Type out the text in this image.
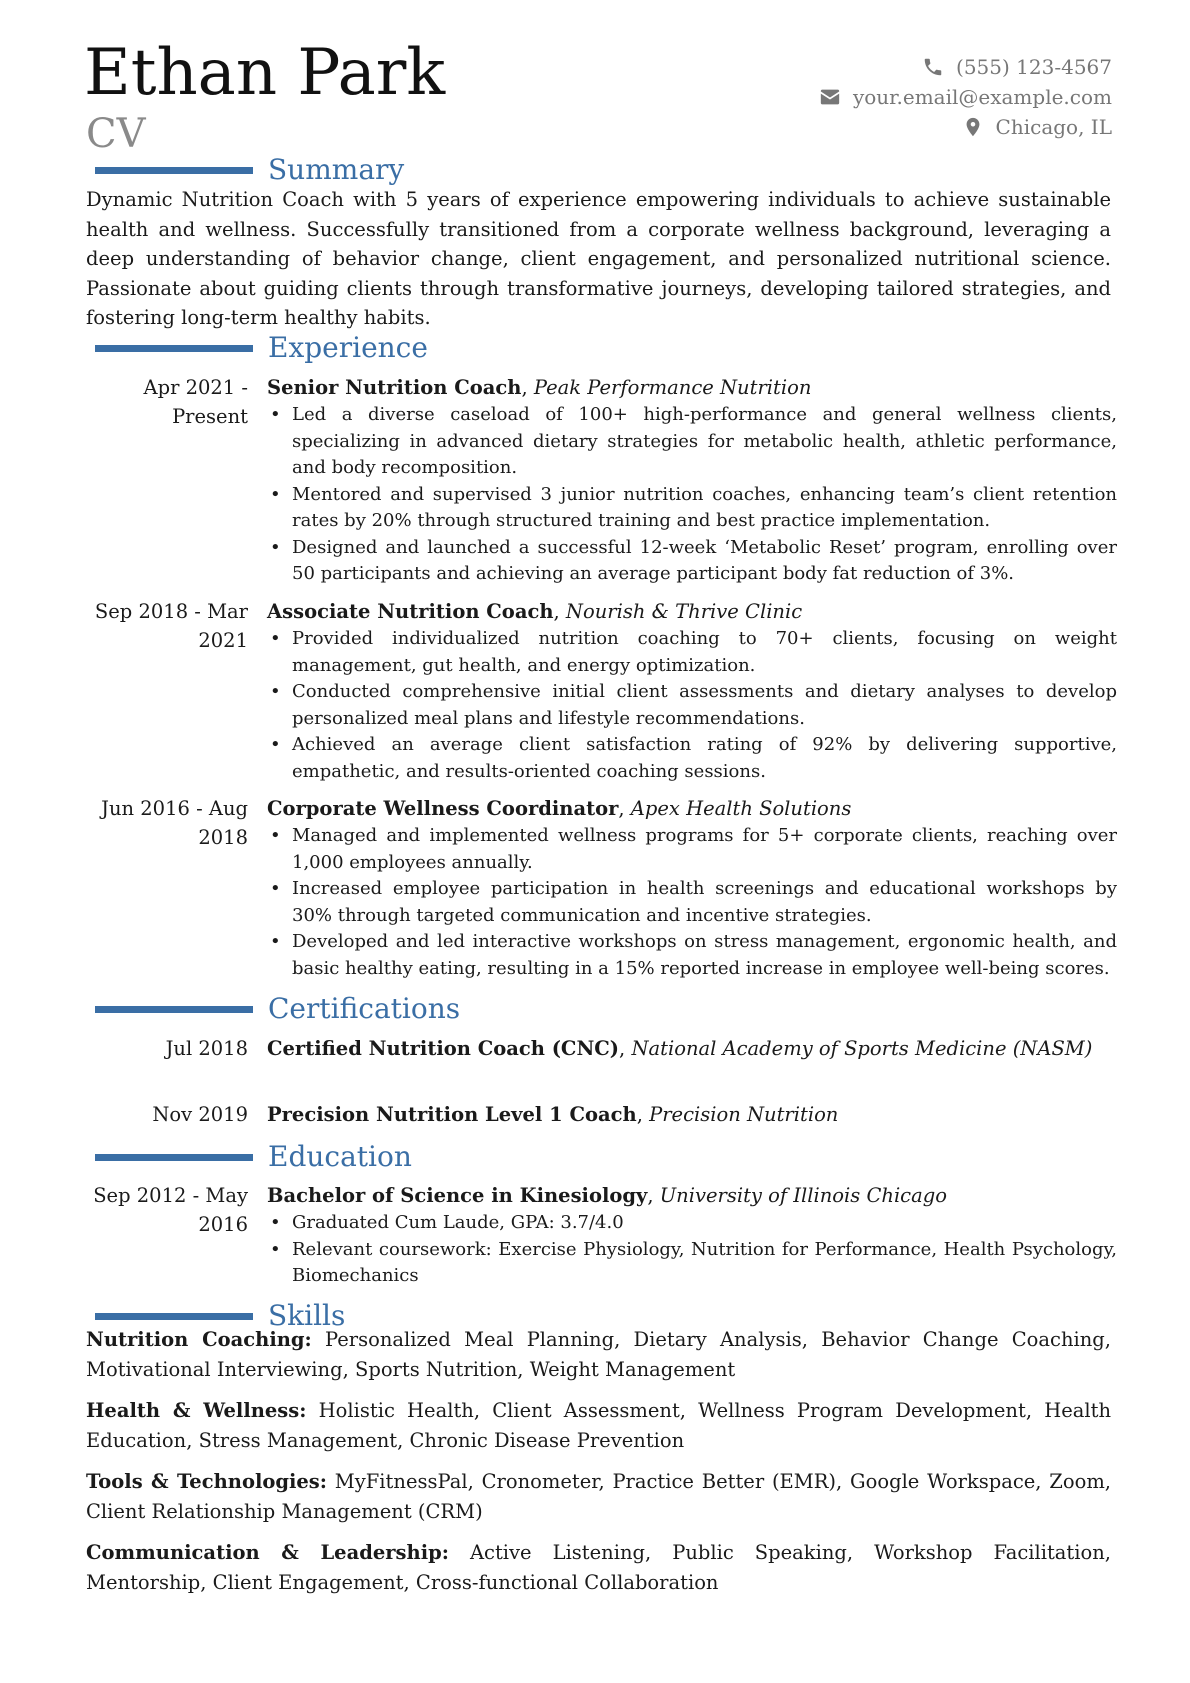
Ethan Park
CV
(555) 123-4567
your.email@example.com
Chicago, IL
Summary
Dynamic Nutrition Coach with 5 years of experience empowering individuals to achieve sustainable health and wellness. Successfully transitioned from a corporate wellness background, leveraging a deep understanding of behavior change, client engagement, and personalized nutritional science. Passionate about guiding clients through transformative journeys, developing tailored strategies, and fostering long-term healthy habits.
Experience
Apr 2021 - Present
Senior Nutrition Coach, Peak Performance Nutrition
• Led a diverse caseload of 100+ high-performance and general wellness clients, specializing in advanced dietary strategies for metabolic health, athletic performance, and body recomposition.
• Mentored and supervised 3 junior nutrition coaches, enhancing team’s client retention rates by 20% through structured training and best practice implementation.
• Designed and launched a successful 12-week ‘Metabolic Reset’ program, enrolling over 50 participants and achieving an average participant body fat reduction of 3%.
Sep 2018 - Mar 2021
Associate Nutrition Coach, Nourish & Thrive Clinic
• Provided individualized nutrition coaching to 70+ clients, focusing on weight management, gut health, and energy optimization.
• Conducted comprehensive initial client assessments and dietary analyses to develop personalized meal plans and lifestyle recommendations.
• Achieved an average client satisfaction rating of 92% by delivering supportive, empathetic, and results-oriented coaching sessions.
Jun 2016 - Aug 2018
Corporate Wellness Coordinator, Apex Health Solutions
• Managed and implemented wellness programs for 5+ corporate clients, reaching over 1,000 employees annually.
• Increased employee participation in health screenings and educational workshops by 30% through targeted communication and incentive strategies.
• Developed and led interactive workshops on stress management, ergonomic health, and basic healthy eating, resulting in a 15% reported increase in employee well-being scores.
Certifications
Jul 2018 Certified Nutrition Coach (CNC), National Academy of Sports Medicine (NASM)
Nov 2019 Precision Nutrition Level 1 Coach, Precision Nutrition
Education
Sep 2012 - May 2016
Bachelor of Science in Kinesiology, University of Illinois Chicago
• Graduated Cum Laude, GPA: 3.7/4.0
• Relevant coursework: Exercise Physiology, Nutrition for Performance, Health Psychology, Biomechanics
Skills
Nutrition Coaching: Personalized Meal Planning, Dietary Analysis, Behavior Change Coaching, Motivational Interviewing, Sports Nutrition, Weight Management
Health & Wellness: Holistic Health, Client Assessment, Wellness Program Development, Health Education, Stress Management, Chronic Disease Prevention
Tools & Technologies: MyFitnessPal, Cronometer, Practice Better (EMR), Google Workspace, Zoom, Client Relationship Management (CRM)
Communication & Leadership: Active Listening, Public Speaking, Workshop Facilitation, Mentorship, Client Engagement, Cross-functional Collaboration
